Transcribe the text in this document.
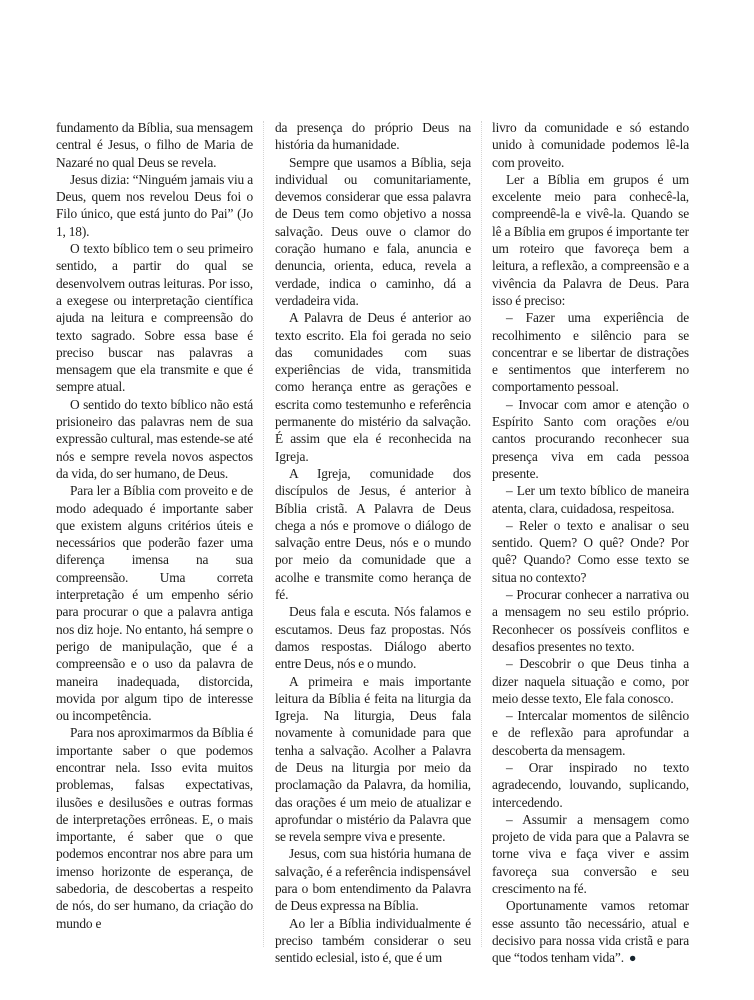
fundamento da Bíblia, sua mensagem central é Jesus, o filho de Maria de Nazaré no qual Deus se revela.

Jesus dizia: “Ninguém jamais viu a Deus, quem nos revelou Deus foi o Filo único, que está junto do Pai” (Jo 1, 18).

O texto bíblico tem o seu primeiro sentido, a partir do qual se desenvolvem outras leituras. Por isso, a exegese ou interpretação científica ajuda na leitura e compreensão do texto sagrado. Sobre essa base é preciso buscar nas palavras a mensagem que ela transmite e que é sempre atual.

O sentido do texto bíblico não está prisioneiro das palavras nem de sua expressão cultural, mas estende-se até nós e sempre revela novos aspectos da vida, do ser humano, de Deus.

Para ler a Bíblia com proveito e de modo adequado é importante saber que existem alguns critérios úteis e necessários que poderão fazer uma diferença imensa na sua compreensão. Uma correta interpretação é um empenho sério para procurar o que a palavra antiga nos diz hoje. No entanto, há sempre o perigo de manipulação, que é a compreensão e o uso da palavra de maneira inadequada, distorcida, movida por algum tipo de interesse ou incompetência.

Para nos aproximarmos da Bíblia é importante saber o que podemos encontrar nela. Isso evita muitos problemas, falsas expectativas, ilusões e desilusões e outras formas de interpretações errôneas. E, o mais importante, é saber que o que podemos encontrar nos abre para um imenso horizonte de esperança, de sabedoria, de descobertas a respeito de nós, do ser humano, da criação do mundo e

da presença do próprio Deus na história da humanidade.

Sempre que usamos a Bíblia, seja individual ou comunitariamente, devemos considerar que essa palavra de Deus tem como objetivo a nossa salvação. Deus ouve o clamor do coração humano e fala, anuncia e denuncia, orienta, educa, revela a verdade, indica o caminho, dá a verdadeira vida.

A Palavra de Deus é anterior ao texto escrito. Ela foi gerada no seio das comunidades com suas experiências de vida, transmitida como herança entre as gerações e escrita como testemunho e referência permanente do mistério da salvação. É assim que ela é reconhecida na Igreja.

A Igreja, comunidade dos discípulos de Jesus, é anterior à Bíblia cristã. A Palavra de Deus chega a nós e promove o diálogo de salvação entre Deus, nós e o mundo por meio da comunidade que a acolhe e transmite como herança de fé.

Deus fala e escuta. Nós falamos e escutamos. Deus faz propostas. Nós damos respostas. Diálogo aberto entre Deus, nós e o mundo.

A primeira e mais importante leitura da Bíblia é feita na liturgia da Igreja. Na liturgia, Deus fala novamente à comunidade para que tenha a salvação. Acolher a Palavra de Deus na liturgia por meio da proclamação da Palavra, da homilia, das orações é um meio de atualizar e aprofundar o mistério da Palavra que se revela sempre viva e presente.

Jesus, com sua história humana de salvação, é a referência indispensável para o bom entendimento da Palavra de Deus expressa na Bíblia.

Ao ler a Bíblia individualmente é preciso também considerar o seu sentido eclesial, isto é, que é um

livro da comunidade e só estando unido à comunidade podemos lê-la com proveito.

Ler a Bíblia em grupos é um excelente meio para conhecê-la, compreendê-la e vivê-la. Quando se lê a Bíblia em grupos é importante ter um roteiro que favoreça bem a leitura, a reflexão, a compreensão e a vivência da Palavra de Deus. Para isso é preciso:

– Fazer uma experiência de recolhimento e silêncio para se concentrar e se libertar de distrações e sentimentos que interferem no comportamento pessoal.

– Invocar com amor e atenção o Espírito Santo com orações e/ou cantos procurando reconhecer sua presença viva em cada pessoa presente.

– Ler um texto bíblico de maneira atenta, clara, cuidadosa, respeitosa.

– Reler o texto e analisar o seu sentido. Quem? O quê? Onde? Por quê? Quando? Como esse texto se situa no contexto?

– Procurar conhecer a narrativa ou a mensagem no seu estilo próprio. Reconhecer os possíveis conflitos e desafios presentes no texto.

– Descobrir o que Deus tinha a dizer naquela situação e como, por meio desse texto, Ele fala conosco.

– Intercalar momentos de silêncio e de reflexão para aprofundar a descoberta da mensagem.

– Orar inspirado no texto agradecendo, louvando, suplicando, intercedendo.

– Assumir a mensagem como projeto de vida para que a Palavra se torne viva e faça viver e assim favoreça sua conversão e seu crescimento na fé.

Oportunamente vamos retomar esse assunto tão necessário, atual e decisivo para nossa vida cristã e para que “todos tenham vida”. ●
